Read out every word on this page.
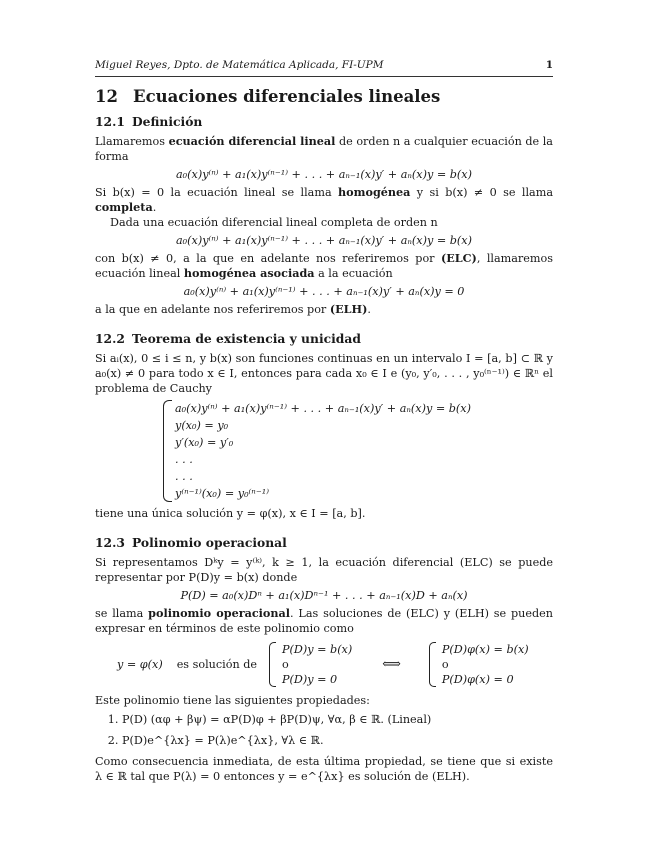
Miguel Reyes, Dpto. de Matemática Aplicada, FI-UPM	1
12 Ecuaciones diferenciales lineales
12.1 Definición

Llamaremos ecuación diferencial lineal de orden n a cualquier ecuación de la forma

a₀(x)y⁽ⁿ⁾ + a₁(x)y⁽ⁿ⁻¹⁾ + . . . + aₙ₋₁(x)y′ + aₙ(x)y = b(x)

Si b(x) = 0 la ecuación lineal se llama homogénea y si b(x) ≠ 0 se llama completa.

Dada una ecuación diferencial lineal completa de orden n

a₀(x)y⁽ⁿ⁾ + a₁(x)y⁽ⁿ⁻¹⁾ + . . . + aₙ₋₁(x)y′ + aₙ(x)y = b(x)

con b(x) ≠ 0, a la que en adelante nos referiremos por (ELC), llamaremos ecuación lineal homogénea asociada a la ecuación

a₀(x)y⁽ⁿ⁾ + a₁(x)y⁽ⁿ⁻¹⁾ + . . . + aₙ₋₁(x)y′ + aₙ(x)y = 0

a la que en adelante nos referiremos por (ELH).

12.2 Teorema de existencia y unicidad

Si aᵢ(x), 0 ≤ i ≤ n, y b(x) son funciones continuas en un intervalo I = [a, b] ⊂ ℝ y a₀(x) ≠ 0 para todo x ∈ I, entonces para cada x₀ ∈ I e (y₀, y′₀, . . . , y₀⁽ⁿ⁻¹⁾) ∈ ℝⁿ el problema de Cauchy

a₀(x)y⁽ⁿ⁾ + a₁(x)y⁽ⁿ⁻¹⁾ + . . . + aₙ₋₁(x)y′ + aₙ(x)y = b(x)
y(x₀) = y₀
y′(x₀) = y′₀
. . .
. . .
y⁽ⁿ⁻¹⁾(x₀) = y₀⁽ⁿ⁻¹⁾

tiene una única solución y = φ(x), x ∈ I = [a, b].

12.3 Polinomio operacional

Si representamos Dᵏy = y⁽ᵏ⁾, k ≥ 1, la ecuación diferencial (ELC) se puede representar por P(D)y = b(x) donde

P(D) = a₀(x)Dⁿ + a₁(x)Dⁿ⁻¹ + . . . + aₙ₋₁(x)D + aₙ(x)

se llama polinomio operacional. Las soluciones de (ELC) y (ELH) se pueden expresar en términos de este polinomio como

y = φ(x) es solución de
P(D)y = b(x)
o
P(D)y = 0
⟺
P(D)φ(x) = b(x)
o
P(D)φ(x) = 0

Este polinomio tiene las siguientes propiedades:

1. P(D) (αφ + βψ) = αP(D)φ + βP(D)ψ, ∀α, β ∈ ℝ. (Lineal)
2. P(D)e^{λx} = P(λ)e^{λx}, ∀λ ∈ ℝ.

Como consecuencia inmediata, de esta última propiedad, se tiene que si existe λ ∈ ℝ tal que P(λ) = 0 entonces y = e^{λx} es solución de (ELH).
